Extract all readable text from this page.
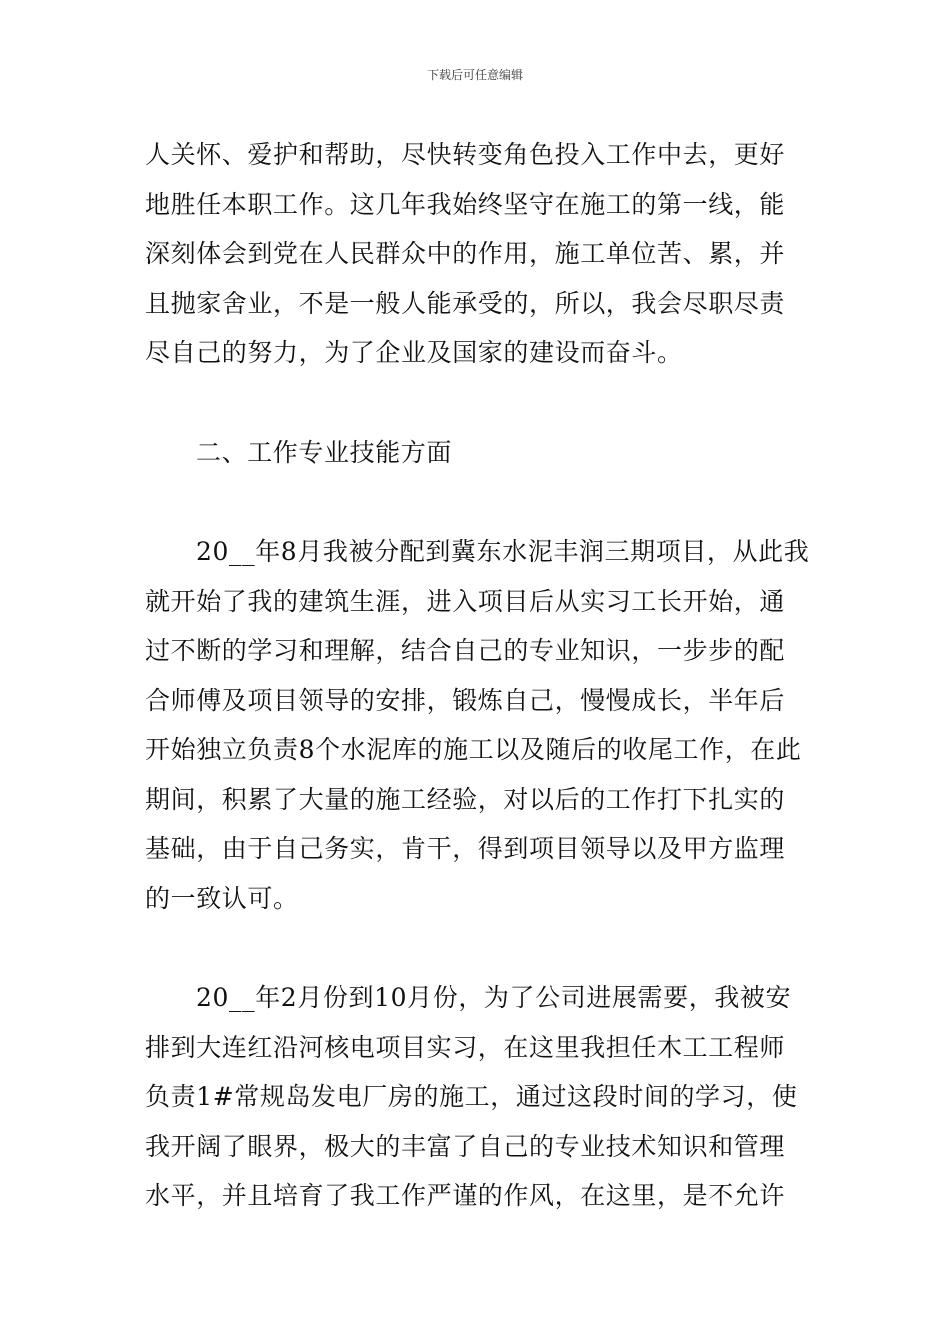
下载后可任意编辑

人关怀、爱护和帮助，尽快转变角色投入工作中去，更好
地胜任本职工作。这几年我始终坚守在施工的第一线，能
深刻体会到党在人民群众中的作用，施工单位苦、累，并
且抛家舍业，不是一般人能承受的，所以，我会尽职尽责
尽自己的努力，为了企业及国家的建设而奋斗。

二、工作专业技能方面

20__年8月我被分配到冀东水泥丰润三期项目，从此我
就开始了我的建筑生涯，进入项目后从实习工长开始，通
过不断的学习和理解，结合自己的专业知识，一步步的配
合师傅及项目领导的安排，锻炼自己，慢慢成长，半年后
开始独立负责8个水泥库的施工以及随后的收尾工作，在此
期间，积累了大量的施工经验，对以后的工作打下扎实的
基础，由于自己务实，肯干，得到项目领导以及甲方监理
的一致认可。

20__年2月份到10月份，为了公司进展需要，我被安
排到大连红沿河核电项目实习，在这里我担任木工工程师
负责1#常规岛发电厂房的施工，通过这段时间的学习，使
我开阔了眼界，极大的丰富了自己的专业技术知识和管理
水平，并且培育了我工作严谨的作风，在这里，是不允许
